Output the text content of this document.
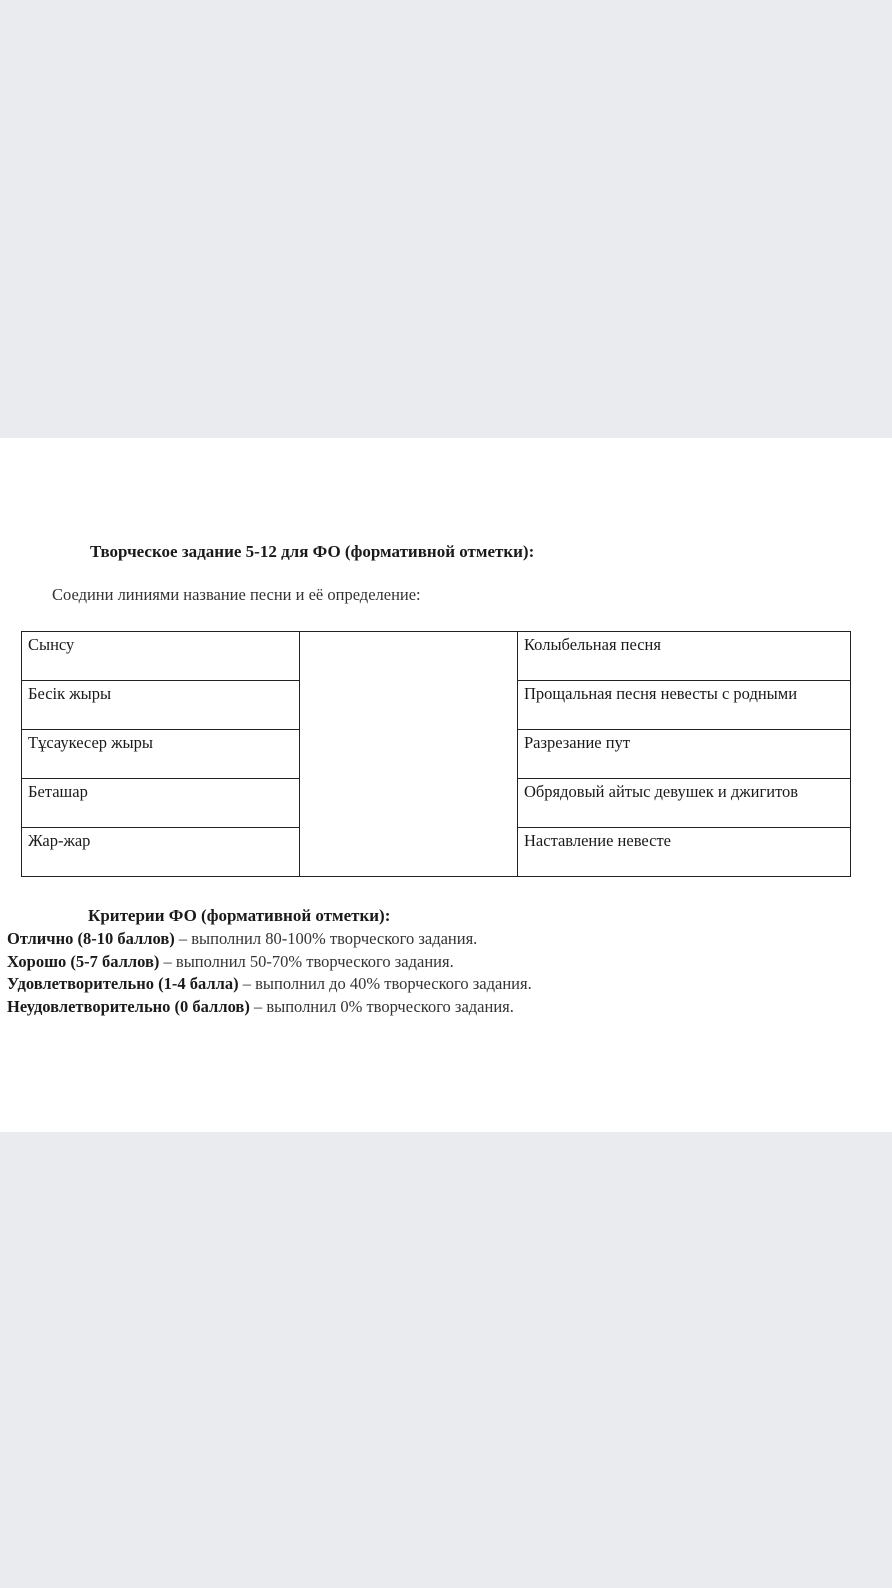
Творческое задание 5-12 для ФО (формативной отметки):
Соедини линиями название песни и её определение:
Сынсу		Колыбельная песня
Бесік жыры		Прощальная песня невесты с родными
Тұсаукесер жыры		Разрезание пут
Беташар		Обрядовый айтыс девушек и джигитов
Жар-жар		Наставление невесте
Критерии ФО (формативной отметки):
Отлично (8-10 баллов) – выполнил 80-100% творческого задания.
Хорошо (5-7 баллов) – выполнил 50-70% творческого задания.
Удовлетворительно (1-4 балла) – выполнил до 40% творческого задания.
Неудовлетворительно (0 баллов) – выполнил 0% творческого задания.
